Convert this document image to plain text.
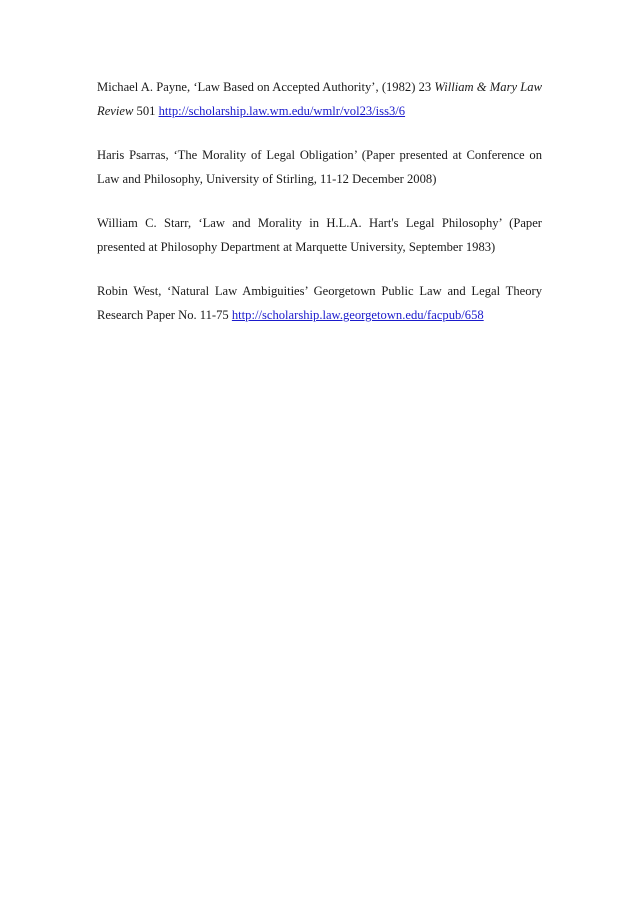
Michael A. Payne, ‘Law Based on Accepted Authority’, (1982) 23 William & Mary Law Review 501 http://scholarship.law.wm.edu/wmlr/vol23/iss3/6

Haris Psarras, ‘The Morality of Legal Obligation’ (Paper presented at Conference on Law and Philosophy, University of Stirling, 11-12 December 2008)

William C. Starr, ‘Law and Morality in H.L.A. Hart's Legal Philosophy’ (Paper presented at Philosophy Department at Marquette University, September 1983)

Robin West, ‘Natural Law Ambiguities’ Georgetown Public Law and Legal Theory Research Paper No. 11-75 http://scholarship.law.georgetown.edu/facpub/658
